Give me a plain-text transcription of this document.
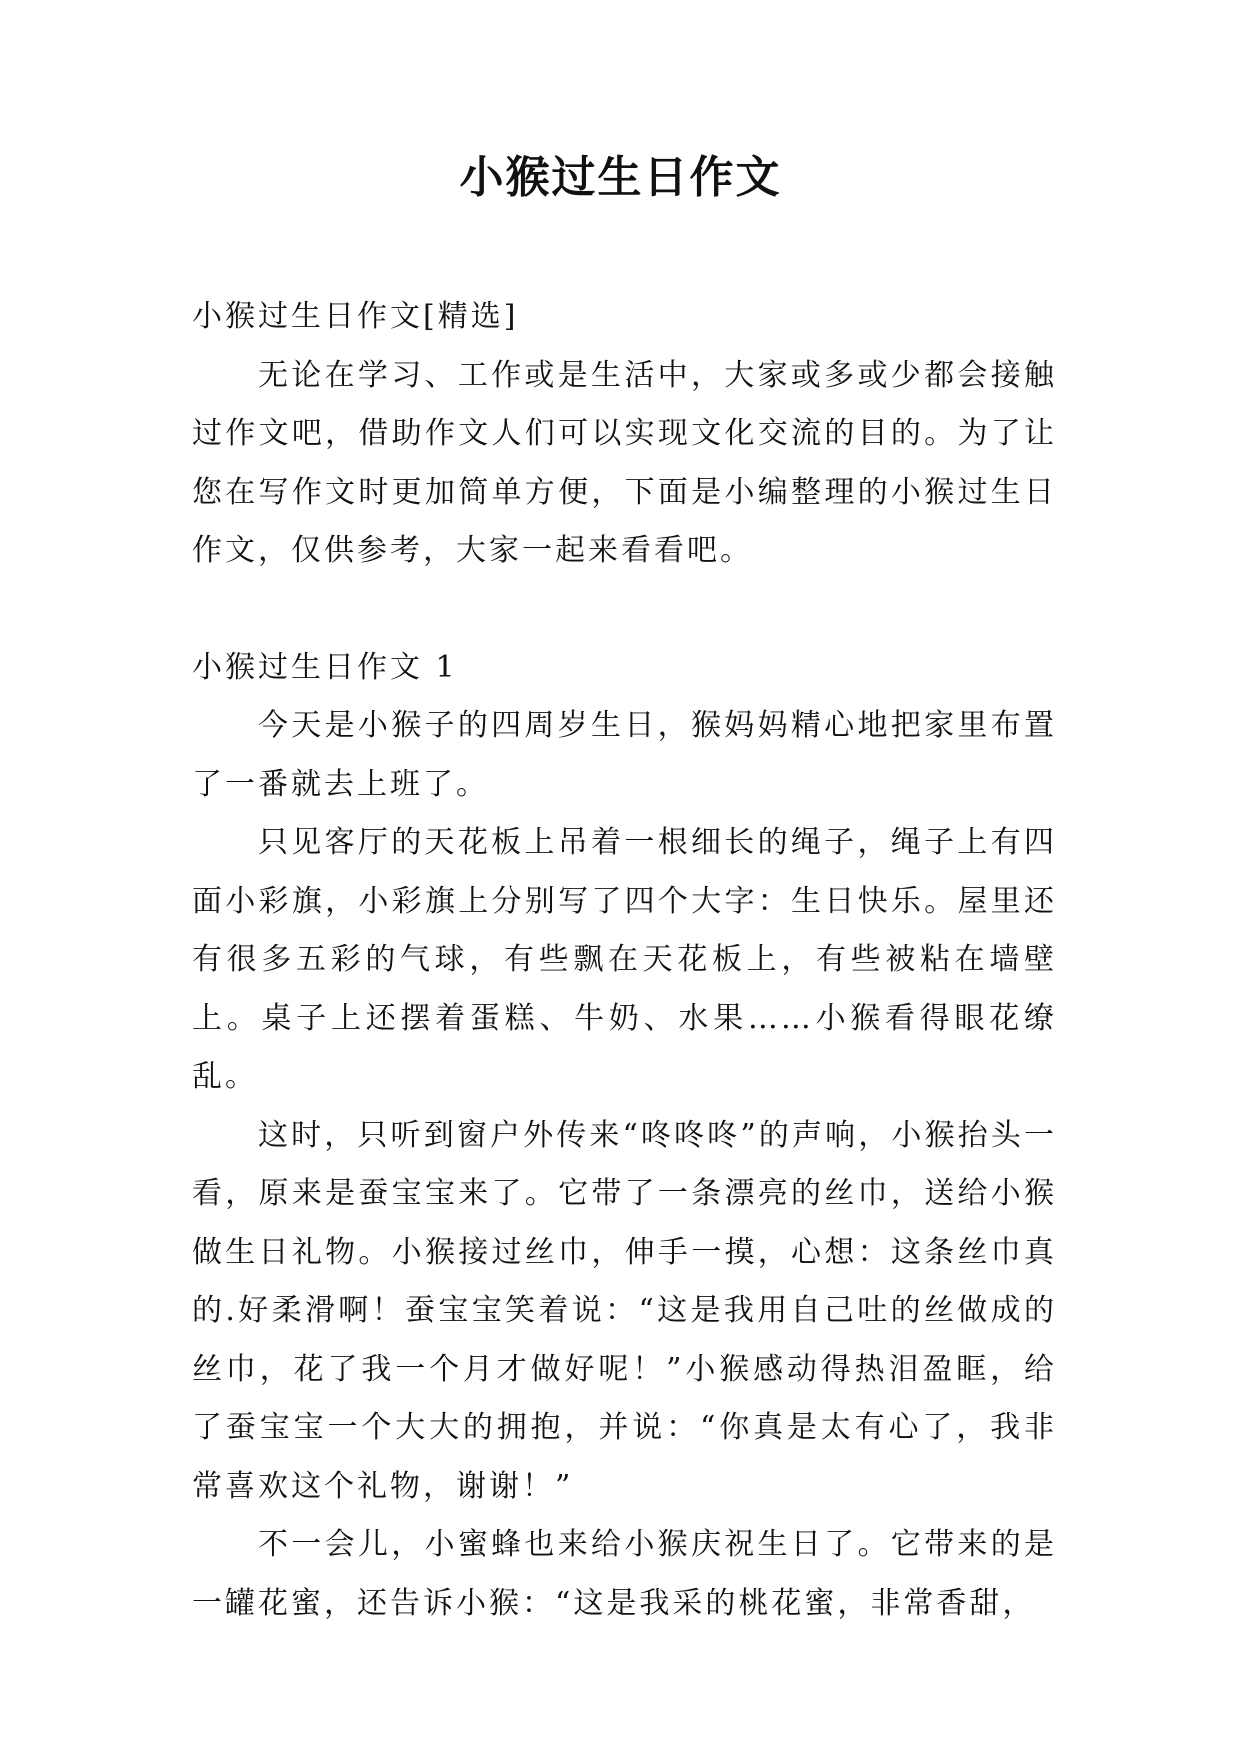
小猴过生日作文

小猴过生日作文[精选]

无论在学习、工作或是生活中，大家或多或少都会接触过作文吧，借助作文人们可以实现文化交流的目的。为了让您在写作文时更加简单方便，下面是小编整理的小猴过生日作文，仅供参考，大家一起来看看吧。

小猴过生日作文 1

今天是小猴子的四周岁生日，猴妈妈精心地把家里布置了一番就去上班了。

只见客厅的天花板上吊着一根细长的绳子，绳子上有四面小彩旗，小彩旗上分别写了四个大字：生日快乐。屋里还有很多五彩的气球，有些飘在天花板上，有些被粘在墙壁上。桌子上还摆着蛋糕、牛奶、水果……小猴看得眼花缭乱。

这时，只听到窗户外传来“咚咚咚”的声响，小猴抬头一看，原来是蚕宝宝来了。它带了一条漂亮的丝巾，送给小猴做生日礼物。小猴接过丝巾，伸手一摸，心想：这条丝巾真的.好柔滑啊！蚕宝宝笑着说：“这是我用自己吐的丝做成的丝巾，花了我一个月才做好呢！”小猴感动得热泪盈眶，给了蚕宝宝一个大大的拥抱，并说：“你真是太有心了，我非常喜欢这个礼物，谢谢！”

不一会儿，小蜜蜂也来给小猴庆祝生日了。它带来的是一罐花蜜，还告诉小猴：“这是我采的桃花蜜，非常香甜，
